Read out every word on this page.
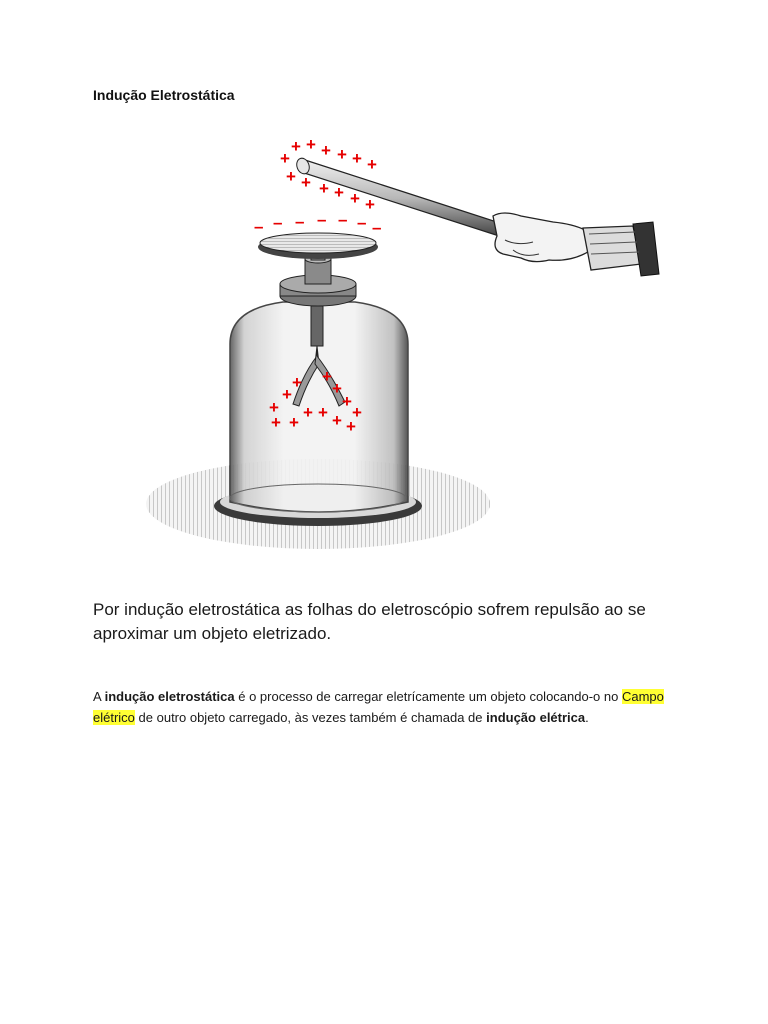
Indução Eletrostática
+ + + + + +
+
+ + + + + +
– – – – – – –
+
+
+
+ +
+
+
+
+
+
+ + +
Por indução eletrostática as folhas do eletroscópio sofrem repulsão ao se aproximar um objeto eletrizado.
A indução eletrostática é o processo de carregar eletrícamente um objeto colocando-o no Campo elétrico de outro objeto carregado, às vezes também é chamada de indução elétrica.
